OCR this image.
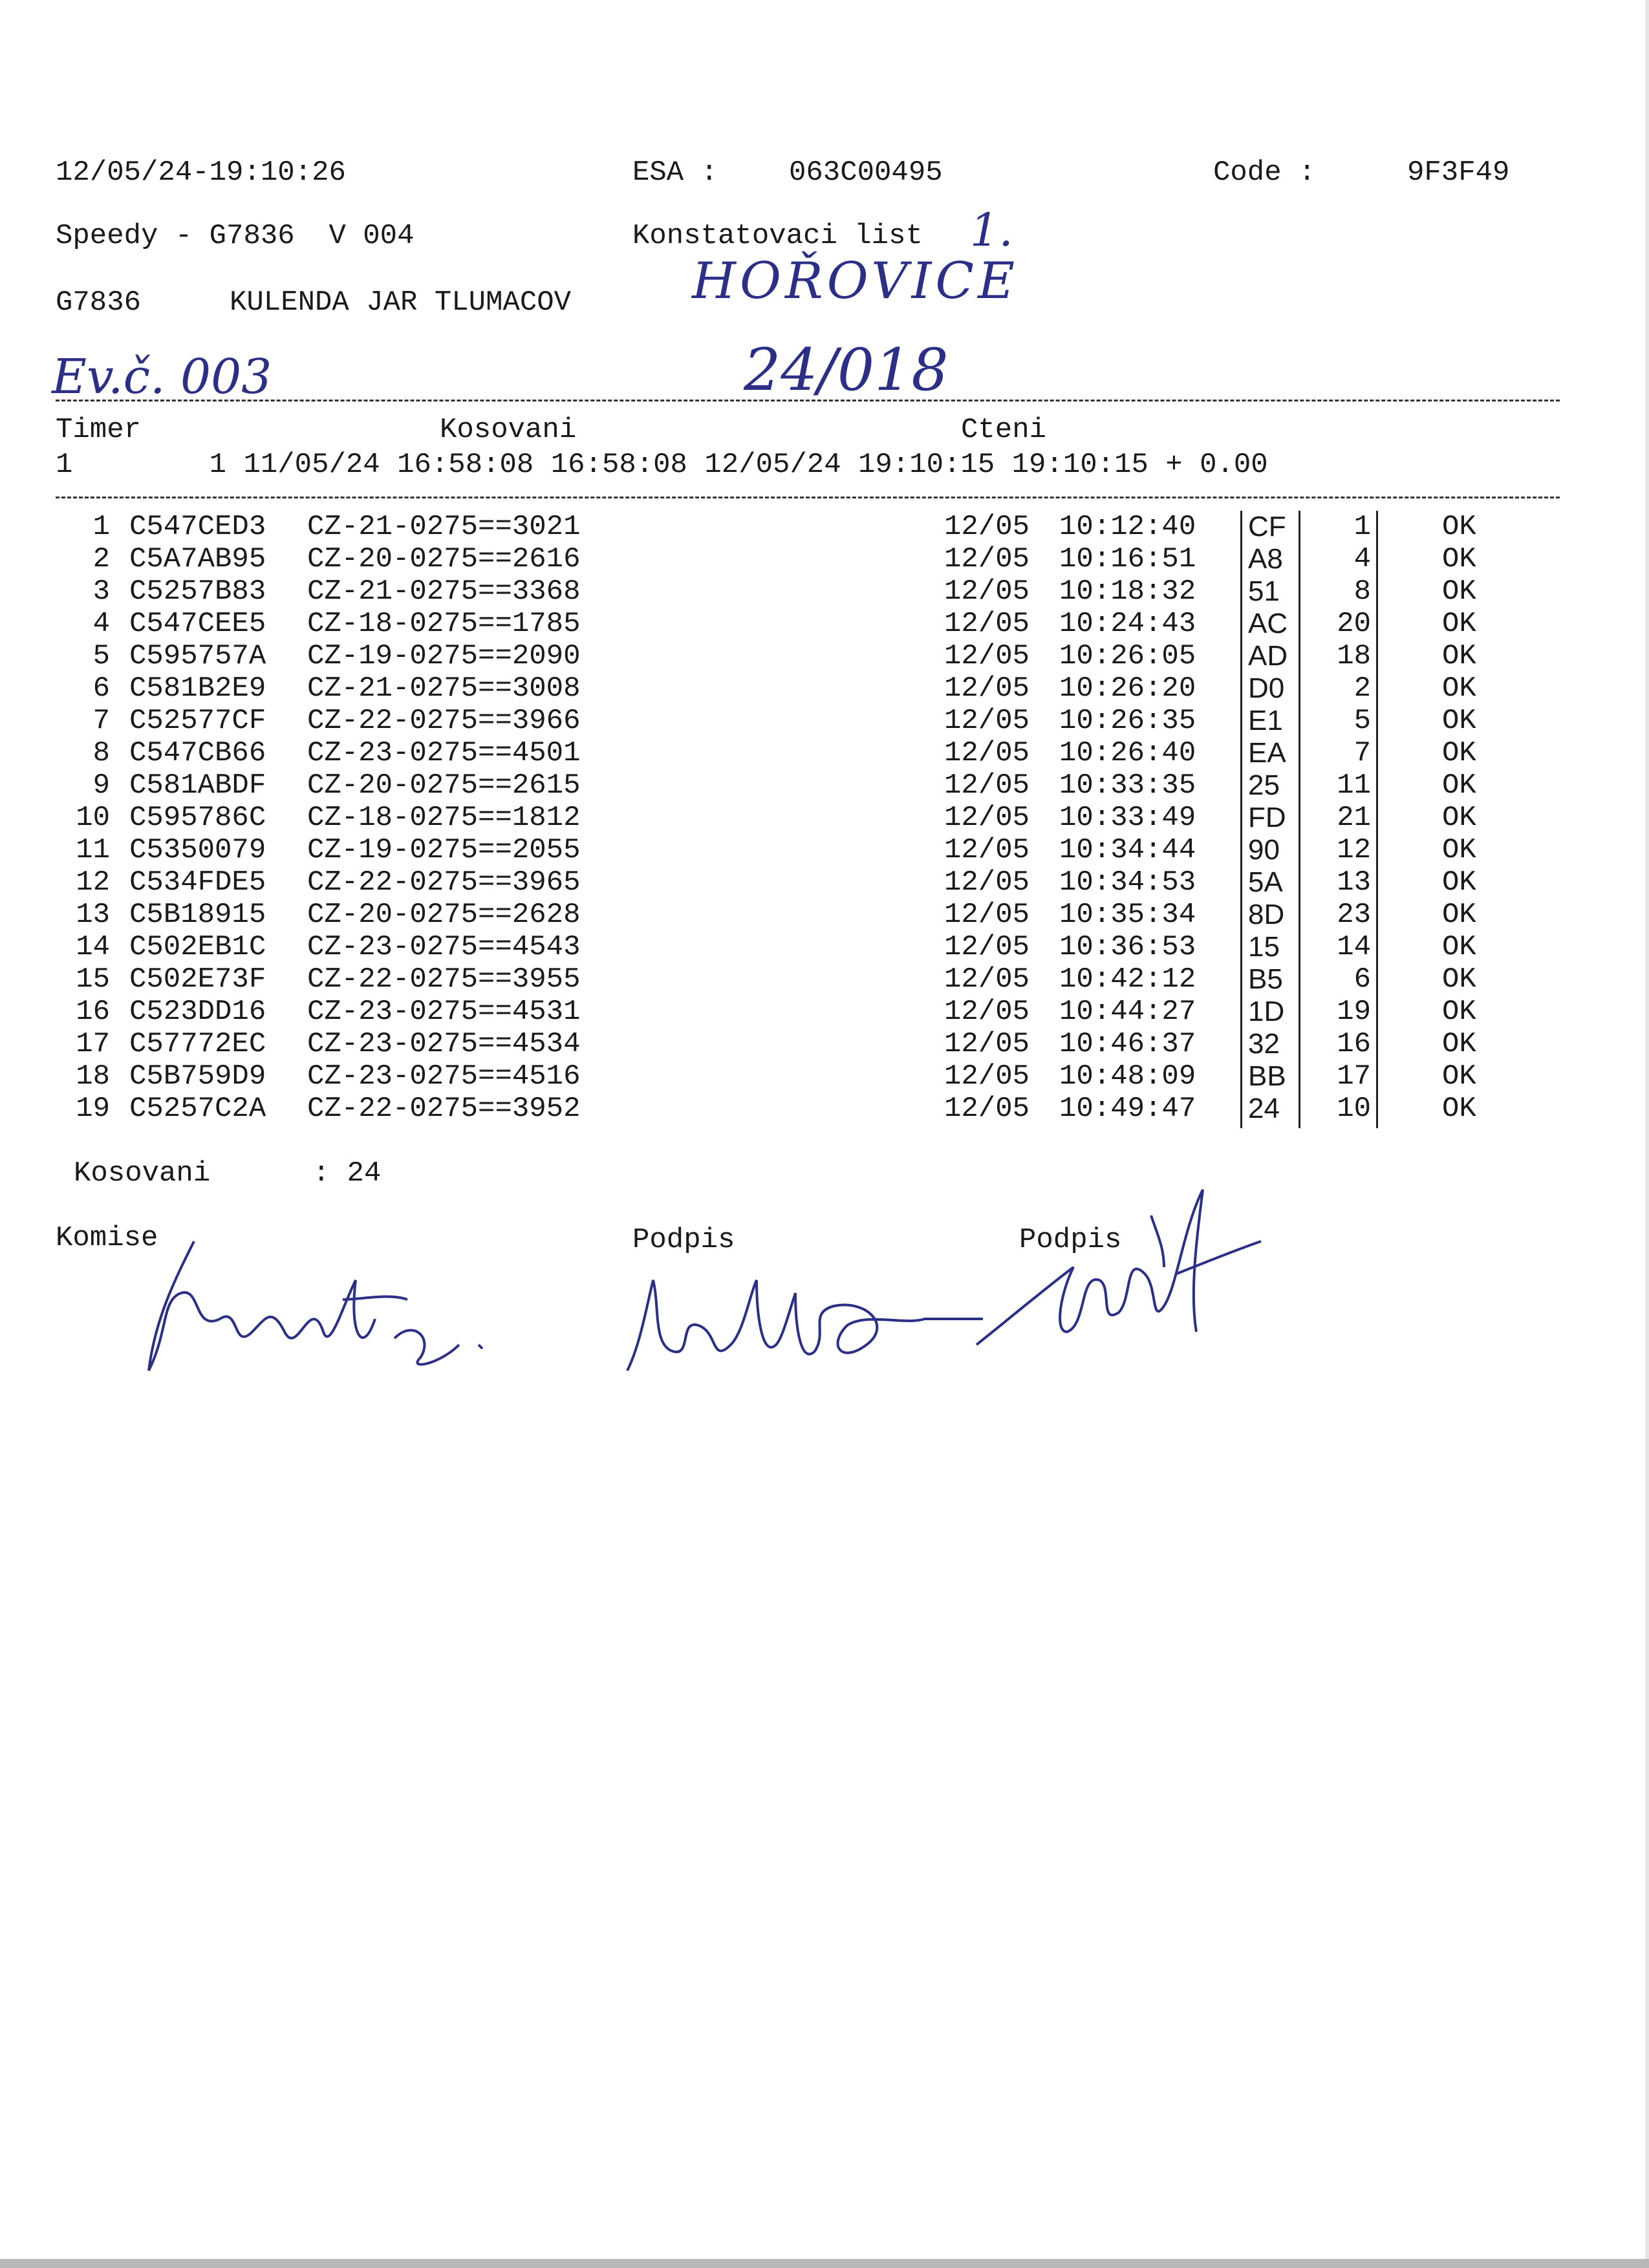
12/05/24-19:10:26	ESA : 063C00495	Code :	9F3F49
Speedy - G7836  V 004	Konstatovaci list
G7836	KULENDA JAR TLUMACOV
1.
HOŘOVICE
Ev.č. 003	24/018
Timer	Kosovani	Cteni
1        1 11/05/24 16:58:08 16:58:08 12/05/24 19:10:15 19:10:15 + 0.00
1 C547CED3 CZ-21-0275==3021	12/05 10:12:40 CF	1	OK
2 C5A7AB95 CZ-20-0275==2616	12/05 10:16:51 A8	4	OK
3 C5257B83 CZ-21-0275==3368	12/05 10:18:32 51	8	OK
4 C547CEE5 CZ-18-0275==1785	12/05 10:24:43 AC	20	OK
5 C595757A CZ-19-0275==2090	12/05 10:26:05 AD	18	OK
6 C581B2E9 CZ-21-0275==3008	12/05 10:26:20 D0	2	OK
7 C52577CF CZ-22-0275==3966	12/05 10:26:35 E1	5	OK
8 C547CB66 CZ-23-0275==4501	12/05 10:26:40 EA	7	OK
9 C581ABDF CZ-20-0275==2615	12/05 10:33:35 25	11	OK
10 C595786C CZ-18-0275==1812	12/05 10:33:49 FD	21	OK
11 C5350079 CZ-19-0275==2055	12/05 10:34:44 90	12	OK
12 C534FDE5 CZ-22-0275==3965	12/05 10:34:53 5A	13	OK
13 C5B18915 CZ-20-0275==2628	12/05 10:35:34 8D	23	OK
14 C502EB1C CZ-23-0275==4543	12/05 10:36:53 15	14	OK
15 C502E73F CZ-22-0275==3955	12/05 10:42:12 B5	6	OK
16 C523DD16 CZ-23-0275==4531	12/05 10:44:27 1D	19	OK
17 C57772EC CZ-23-0275==4534	12/05 10:46:37 32	16	OK
18 C5B759D9 CZ-23-0275==4516	12/05 10:48:09 BB	17	OK
19 C5257C2A CZ-22-0275==3952	12/05 10:49:47 24	10	OK
Kosovani      : 24
Komise	Podpis	Podpis
